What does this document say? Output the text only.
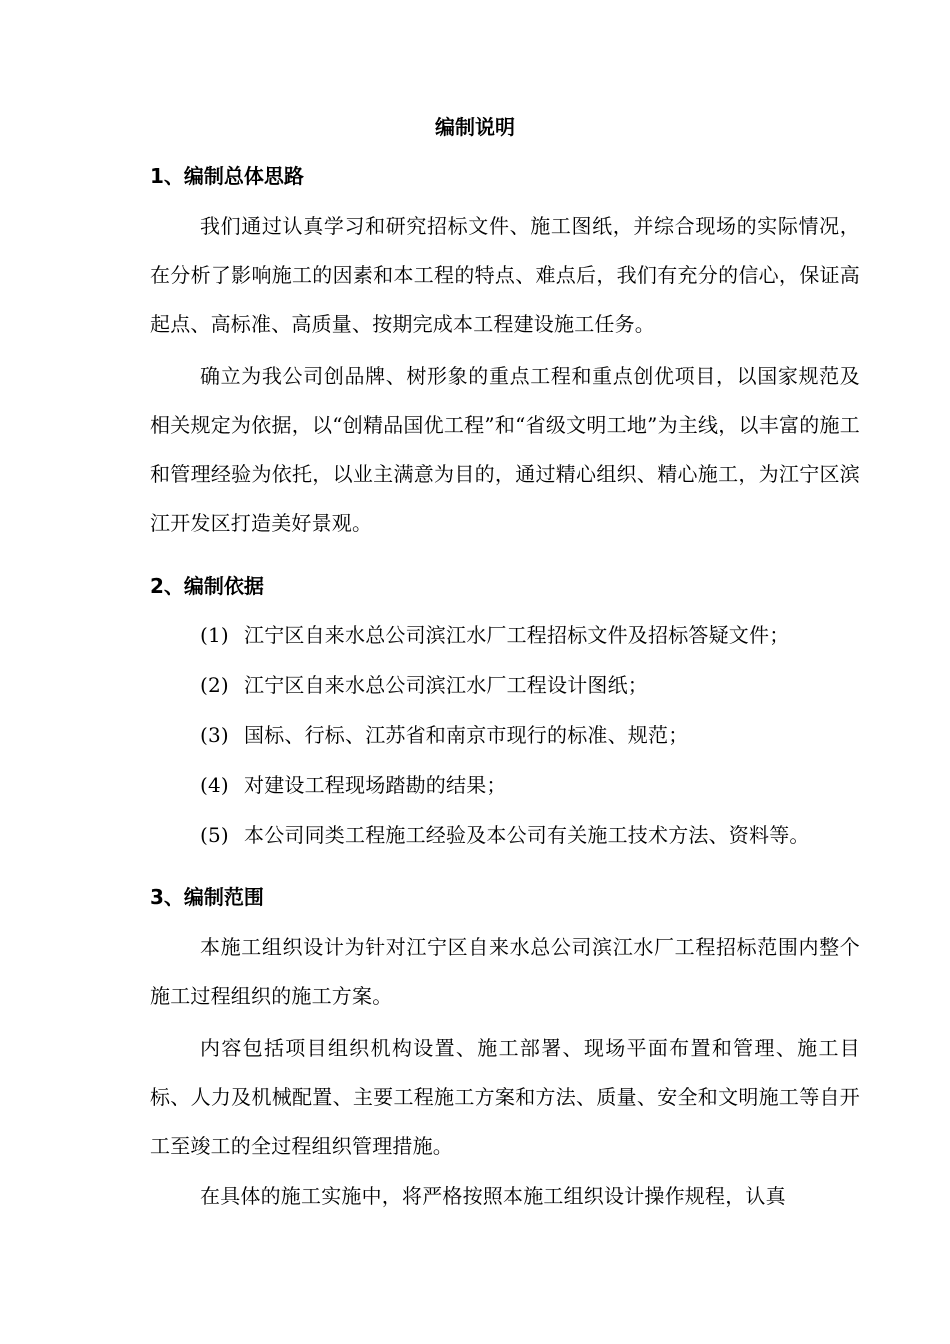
编制说明
1、编制总体思路

我们通过认真学习和研究招标文件、施工图纸，并综合现场的实际情况，在分析了影响施工的因素和本工程的特点、难点后，我们有充分的信心，保证高起点、高标准、高质量、按期完成本工程建设施工任务。

确立为我公司创品牌、树形象的重点工程和重点创优项目，以国家规范及相关规定为依据，以“创精品国优工程”和“省级文明工地”为主线，以丰富的施工和管理经验为依托，以业主满意为目的，通过精心组织、精心施工，为江宁区滨江开发区打造美好景观。

2、编制依据
(1) 江宁区自来水总公司滨江水厂工程招标文件及招标答疑文件；
(2) 江宁区自来水总公司滨江水厂工程设计图纸；
(3) 国标、行标、江苏省和南京市现行的标准、规范；
(4) 对建设工程现场踏勘的结果；
(5) 本公司同类工程施工经验及本公司有关施工技术方法、资料等。
3、编制范围

本施工组织设计为针对江宁区自来水总公司滨江水厂工程招标范围内整个施工过程组织的施工方案。

内容包括项目组织机构设置、施工部署、现场平面布置和管理、施工目标、人力及机械配置、主要工程施工方案和方法、质量、安全和文明施工等自开工至竣工的全过程组织管理措施。

在具体的施工实施中，将严格按照本施工组织设计操作规程，认真
